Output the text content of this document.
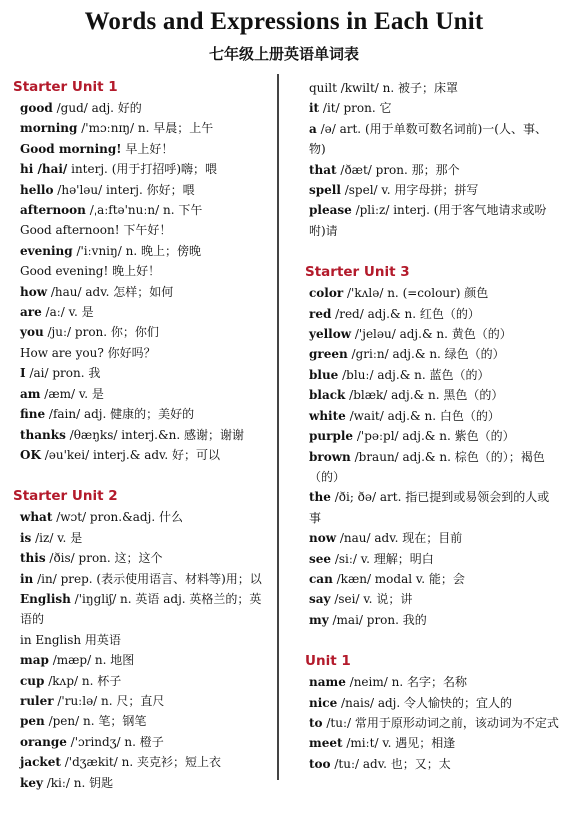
Words and Expressions in Each Unit
七年级上册英语单词表
Starter Unit 1
good /gud/ adj. 好的
morning /'mɔːnɪŋ/ n. 早晨；上午
Good morning! 早上好！
hi /hai/ interj. (用于打招呼)嗨；喂
hello /hə'ləu/ interj. 你好；喂
afternoon /ˌaːftə'nuːn/ n. 下午
Good afternoon! 下午好！
evening /'iːvniŋ/ n. 晚上；傍晚
Good evening! 晚上好！
how /hau/ adv. 怎样；如何
are /aː/ v. 是
you /juː/ pron. 你；你们
How are you? 你好吗？
I /ai/ pron. 我
am /æm/ v. 是
fine /fain/ adj. 健康的；美好的
thanks /θæŋks/ interj.&n. 感谢；谢谢
OK /əu'kei/ interj.& adv. 好；可以
Starter Unit 2
what /wɔt/ pron.&adj. 什么
is /iz/ v. 是
this /ðis/ pron. 这；这个
in /in/ prep. (表示使用语言、材料等)用；以
English /'iŋgliʃ/ n. 英语 adj. 英格兰的；英语的
in English 用英语
map /mæp/ n. 地图
cup /kʌp/ n. 杯子
ruler /'ruːlə/ n. 尺；直尺
pen /pen/ n. 笔；钢笔
orange /'ɔrindʒ/ n. 橙子
jacket /'dʒækit/ n. 夹克衫；短上衣
key /kiː/ n. 钥匙
quilt /kwilt/ n. 被子；床罩
it /it/ pron. 它
a /ə/ art. (用于单数可数名词前)一(人、事、物)
that /ðæt/ pron. 那；那个
spell /spel/ v. 用字母拼；拼写
please /pliːz/ interj. (用于客气地请求或吩咐)请
Starter Unit 3
color /'kʌlə/ n. (=colour) 颜色
red /red/ adj.& n. 红色（的）
yellow /'jeləu/ adj.& n. 黄色（的）
green /griːn/ adj.& n. 绿色（的）
blue /bluː/ adj.& n. 蓝色（的）
black /blæk/ adj.& n. 黑色（的）
white /wait/ adj.& n. 白色（的）
purple /'pəːpl/ adj.& n. 紫色（的）
brown /braun/ adj.& n. 棕色（的）；褐色（的）
the /ði; ðə/ art. 指已提到或易领会到的人或事
now /nau/ adv. 现在；目前
see /siː/ v. 理解；明白
can /kæn/ modal v. 能；会
say /sei/ v. 说；讲
my /mai/ pron. 我的
Unit 1
name /neim/ n. 名字；名称
nice /nais/ adj. 令人愉快的；宜人的
to /tuː/ 常用于原形动词之前，该动词为不定式
meet /miːt/ v. 遇见；相逢
too /tuː/ adv. 也；又；太
